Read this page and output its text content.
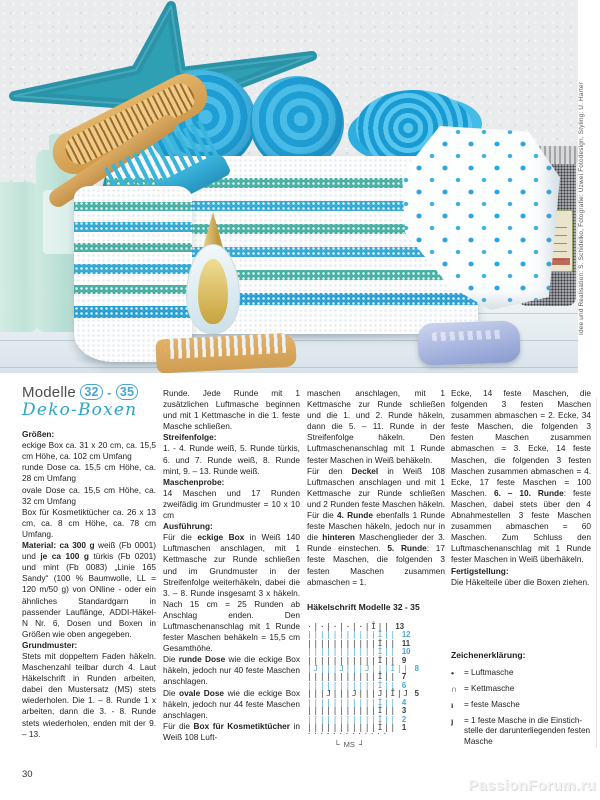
Idee und Realisation: S. Schidelko, Fotografie: Uzwei Fotodesign, Styling: U. Harter
Modelle 32 - 35
Deko-Boxen
Größen:
eckige Box ca. 31 x 20 cm, ca. 15,5 cm Höhe, ca. 102 cm Umfang
runde Dose ca. 15,5 cm Höhe, ca. 28 cm Umfang
ovale Dose ca. 15,5 cm Höhe, ca. 32 cm Umfang
Box für Kosmetiktücher ca. 26 x 13 cm, ca. 8 cm Höhe, ca. 78 cm Umfang.
Material: ca 300 g weiß (Fb 0001) und je ca 100 g türkis (Fb 0201) und mint (Fb 0083) „Linie 165 Sandy“ (100 % Baumwolle, LL = 120 m/50 g) von ONline - oder ein ähnliches Standardgarn in passender Lauflänge, ADDI-Häkel-N Nr. 6, Dosen und Boxen in Größen wie oben angegeben.
Grundmuster:
Stets mit doppeltem Faden häkeln. Maschenzahl teilbar durch 4. Laut Häkelschrift in Runden arbeiten, dabei den Mustersatz (MS) stets wiederholen. Die 1. – 8. Runde 1 x arbeiten, dann die 3. - 8. Runde stets wiederholen, enden mit der 9. – 13.
Runde. Jede Runde mit 1 zusätzlichen Luftmasche beginnen und mit 1 Kettmasche in die 1. feste Masche schließen.
Streifenfolge:
1. - 4. Runde weiß, 5. Runde türkis, 6. und 7. Runde weiß, 8. Runde mint, 9. – 13. Runde weiß.
Maschenprobe:
14 Maschen und 17 Runden zweifädig im Grundmuster = 10 x 10 cm
Ausführung:
Für die eckige Box in Weiß 140 Luftmaschen anschlagen, mit 1 Kettmasche zur Runde schließen und im Grundmuster in der Streifenfolge weiterhäkeln, dabei die 3. – 8. Runde insgesamt 3 x häkeln. Nach 15 cm = 25 Runden ab Anschlag enden. Den Luftmaschenanschlag mit 1 Runde fester Maschen behäkeln = 15,5 cm Gesamthöhe.
Die runde Dose wie die eckige Box häkeln, jedoch nur 40 feste Maschen anschlagen.
Die ovale Dose wie die eckige Box häkeln, jedoch nur 44 feste Maschen anschlagen.
Für die Box für Kosmetiktücher in Weiß 108 Luft-
maschen anschlagen, mit 1 Kettmasche zur Runde schließen und die 1. und 2. Runde häkeln, dann die 5. – 11. Runde in der Streifenfolge häkeln. Den Luftmaschenanschlag mit 1 Runde fester Maschen in Weiß behäkeln.
Für den Deckel in Weiß 108 Luftmaschen anschlagen und mit 1 Kettmasche zur Runde schließen und 2 Runden feste Maschen häkeln. Für die 4. Runde ebenfalls 1 Runde feste Maschen häkeln, jedoch nur in die hinteren Maschenglieder der 3. Runde einstechen. 5. Runde: 17 feste Maschen, die folgenden 3 festen Maschen zusammen abmaschen = 1.
Häkelschrift Modelle 32 - 35
·|·|·|·|·|Î|| 13
|||||||||||Î|| 12
|||||||||||Î|| 11
|||||||||||Î|| 10
|||||||||||Î|| 9
|J|||J|||J|||Î|| 8
|||||||||||Î|| 7
|||||||||||Î|| 6
|||J|||J|||J|Î|J 5
|||||||||||Î|| 4
|||||||||||Î|| 3
|||||||||||Î|| 2
|||||||||||Î|| 1
·············
└ MS ┘
Ecke, 14 feste Maschen, die folgenden 3 festen Maschen zusammen abmaschen = 2. Ecke, 34 feste Maschen, die folgenden 3 festen Maschen zusammen abmaschen = 3. Ecke, 14 feste Maschen, die folgenden 3 festen Maschen zusammen abmaschen = 4. Ecke, 17 feste Maschen = 100 Maschen. 6. – 10. Runde: feste Maschen, dabei stets über den 4 Abnahmestellen 3 feste Maschen zusammen abmaschen = 60 Maschen. Zum Schluss den Luftmaschenanschlag mit 1 Runde fester Maschen in Weiß überhäkeln.
Fertigstellung:
Die Häkelteile über die Boxen ziehen.
Zeichenerklärung:
•	= Luftmasche
∩ = Kettmasche
ı	= feste Masche
ȷ	= 1 feste Masche in die Einstichstelle der darunterliegenden festen Masche
30
PassionForum.ru
